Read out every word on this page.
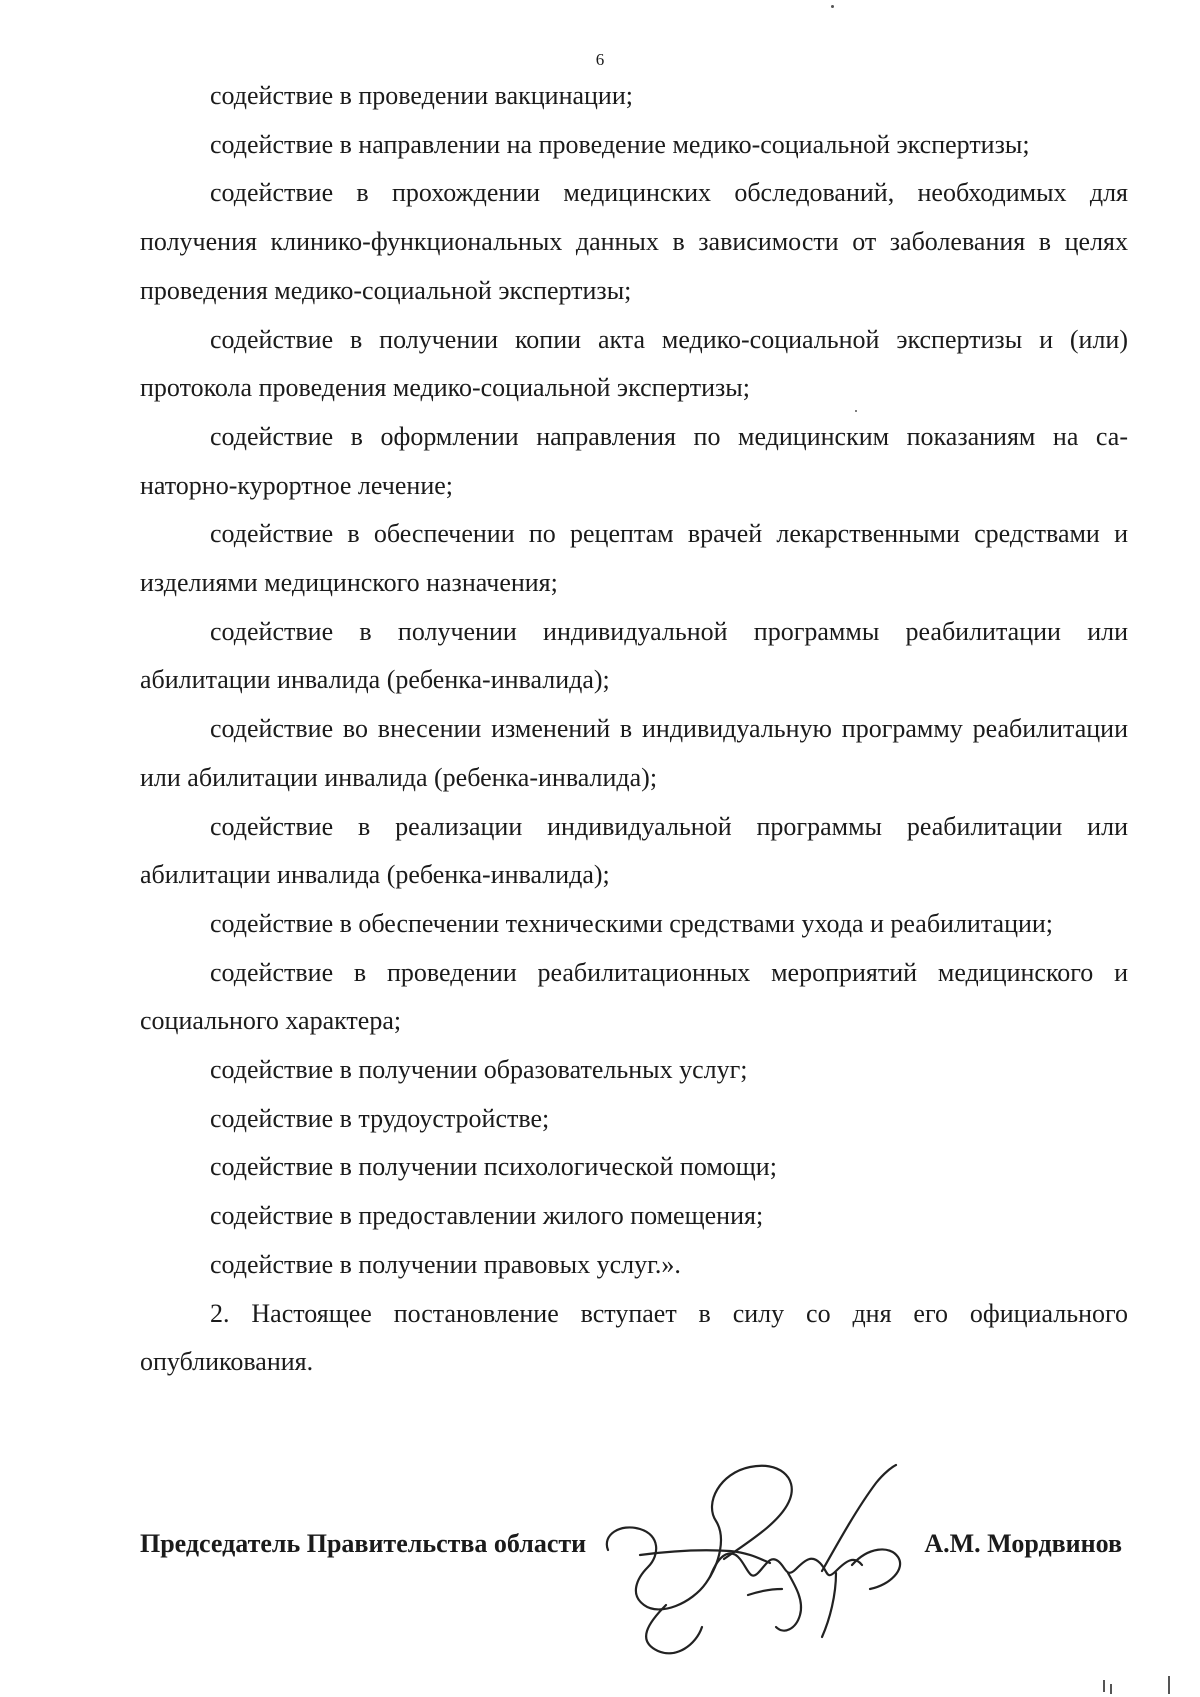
6

содействие в проведении вакцинации;

содействие в направлении на проведение медико-социальной экспертизы;

содействие в прохождении медицинских обследований, необходимых для получения клинико-функциональных данных в зависимости от заболевания в целях проведения медико-социальной экспертизы;

содействие в получении копии акта медико-социальной экспертизы и (или) протокола проведения медико-социальной экспертизы;

содействие в оформлении направления по медицинским показаниям на санаторно-курортное лечение;

содействие в обеспечении по рецептам врачей лекарственными средствами и изделиями медицинского назначения;

содействие в получении индивидуальной программы реабилитации или абилитации инвалида (ребенка-инвалида);

содействие во внесении изменений в индивидуальную программу реабилитации или абилитации инвалида (ребенка-инвалида);

содействие в реализации индивидуальной программы реабилитации или абилитации инвалида (ребенка-инвалида);

содействие в обеспечении техническими средствами ухода и реабилитации;

содействие в проведении реабилитационных мероприятий медицинского и социального характера;

содействие в получении образовательных услуг;

содействие в трудоустройстве;

содействие в получении психологической помощи;

содействие в предоставлении жилого помещения;

содействие в получении правовых услуг.».

2. Настоящее постановление вступает в силу со дня его официального опубликования.

Председатель Правительства области	А.М. Мордвинов
